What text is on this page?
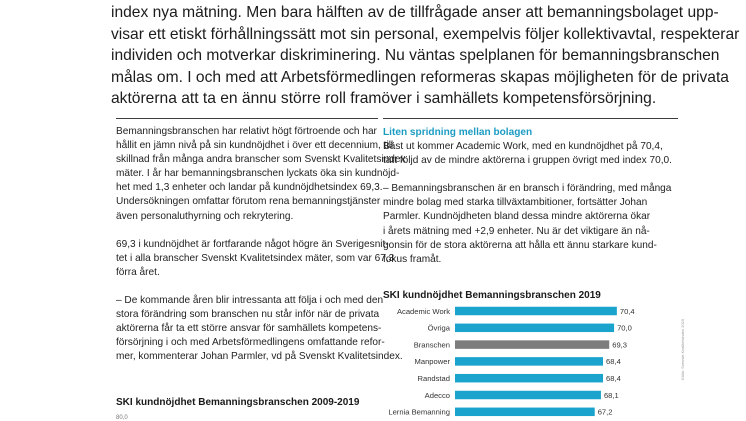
index nya mätning. Men bara hälften av de tillfrågade anser att bemanningsbolaget upp-
visar ett etiskt förhållningssätt mot sin personal, exempelvis följer kollektivavtal, respekterar
individen och motverkar diskriminering. Nu väntas spelplanen för bemanningsbranschen
målas om. I och med att Arbetsförmedlingen reformeras skapas möjligheten för de privata
aktörerna att ta en ännu större roll framöver i samhällets kompetensförsörjning.

Bemanningsbranschen har relativt högt förtroende och har
hållit en jämn nivå på sin kundnöjdhet i över ett decennium, till
skillnad från många andra branscher som Svenskt Kvalitetsindex
mäter. I år har bemanningsbranschen lyckats öka sin kundnöjd-
het med 1,3 enheter och landar på kundnöjdhetsindex 69,3.
Undersökningen omfattar förutom rena bemanningstjänster
även personaluthyrning och rekrytering.

69,3 i kundnöjdhet är fortfarande något högre än Sverigesnit-
tet i alla branscher Svenskt Kvalitetsindex mäter, som var 67,3
förra året.

– De kommande åren blir intressanta att följa i och med den
stora förändring som branschen nu står inför när de privata
aktörerna får ta ett större ansvar för samhällets kompetens-
försörjning i och med Arbetsförmedlingens omfattande refor-
mer, kommenterar Johan Parmler, vd på Svenskt Kvalitetsindex.

SKI kundnöjdhet Bemanningsbranschen 2009-2019

80,0

Liten spridning mellan bolagen

Bäst ut kommer Academic Work, med en kundnöjdhet på 70,4,
tätt följd av de mindre aktörerna i gruppen övrigt med index 70,0.

– Bemanningsbranschen är en bransch i förändring, med många
mindre bolag med starka tillväxtambitioner, fortsätter Johan
Parmler. Kundnöjdheten bland dessa mindre aktörerna ökar
i årets mätning med +2,9 enheter. Nu är det viktigare än nå-
gonsin för de stora aktörerna att hålla ett ännu starkare kund-
fokus framåt.

SKI kundnöjdhet Bemanningsbranschen 2019

Academic Work	70,4
Övriga	70,0
Branschen	69,3
Manpower	68,4
Randstad	68,4
Adecco	68,1
Lernia Bemanning	67,2
Källa: Svenskt Kvalitetsindex 2019
